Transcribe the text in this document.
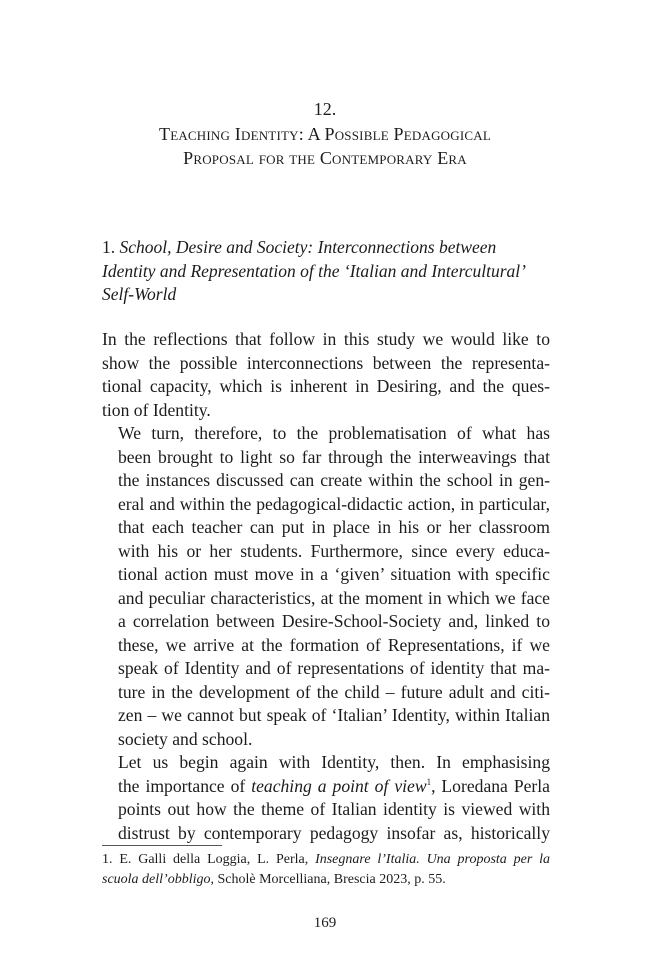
12.
Teaching Identity: A Possible Pedagogical
Proposal for the Contemporary Era
1. School, Desire and Society: Interconnections between
Identity and Representation of the ‘Italian and Intercultural’
Self-World

In the reflections that follow in this study we would like to
show the possible interconnections between the representa-
tional capacity, which is inherent in Desiring, and the ques-
tion of Identity.

We turn, therefore, to the problematisation of what has
been brought to light so far through the interweavings that
the instances discussed can create within the school in gen-
eral and within the pedagogical-didactic action, in particular,
that each teacher can put in place in his or her classroom
with his or her students. Furthermore, since every educa-
tional action must move in a ‘given’ situation with specific
and peculiar characteristics, at the moment in which we face
a correlation between Desire-School-Society and, linked to
these, we arrive at the formation of Representations, if we
speak of Identity and of representations of identity that ma-
ture in the development of the child – future adult and citi-
zen – we cannot but speak of ‘Italian’ Identity, within Italian
society and school.

Let us begin again with Identity, then. In emphasising
the importance of teaching a point of view$^1$, Loredana Perla
points out how the theme of Italian identity is viewed with
distrust by contemporary pedagogy insofar as, historically

1. E. Galli della Loggia, L. Perla, Insegnare l’Italia. Una proposta per la
scuola dell’obbligo, Scholè Morcelliana, Brescia 2023, p. 55.
169
